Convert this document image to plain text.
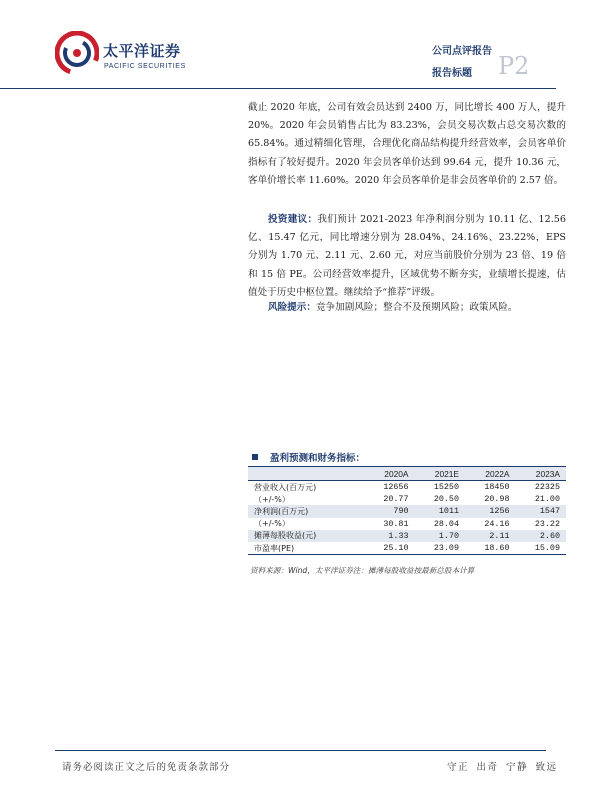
太平洋证券
PACIFIC SECURITIES
公司点评报告
报告标题 P2
截止 2020 年底，公司有效会员达到 2400 万，同比增长 400 万人，提升 20%。2020 年会员销售占比为 83.23%，会员交易次数占总交易次数的 65.84%。通过精细化管理，合理优化商品结构提升经营效率，会员客单价指标有了较好提升。2020 年会员客单价达到 99.64 元，提升 10.36 元，客单价增长率 11.60%。2020 年会员客单价是非会员客单价的 2.57 倍。
投资建议：我们预计 2021-2023 年净利润分别为 10.11 亿、12.56 亿、15.47 亿元，同比增速分别为 28.04%、24.16%、23.22%，EPS 分别为 1.70 元、2.11 元、2.60 元，对应当前股价分别为 23 倍、19 倍和 15 倍 PE。公司经营效率提升，区域优势不断夯实，业绩增长提速，估值处于历史中枢位置。继续给予“推荐”评级。
风险提示：竞争加剧风险；整合不及预期风险；政策风险。
盈利预测和财务指标：
	2020A	2021E	2022A	2023A
营业收入(百万元)	12656	15250	18450	22325
（+/-%）	20.77	20.50	20.98	21.00
净利润(百万元)	790	1011	1256	1547
（+/-%）	30.81	28.04	24.16	23.22
摊薄每股收益(元)	1.33	1.70	2.11	2.60
市盈率(PE)	25.10	23.09	18.60	15.09
资料来源：Wind，太平洋证券注：摊薄每股收益按最新总股本计算
请务必阅读正文之后的免责条款部分	守正 出奇 宁静 致远
